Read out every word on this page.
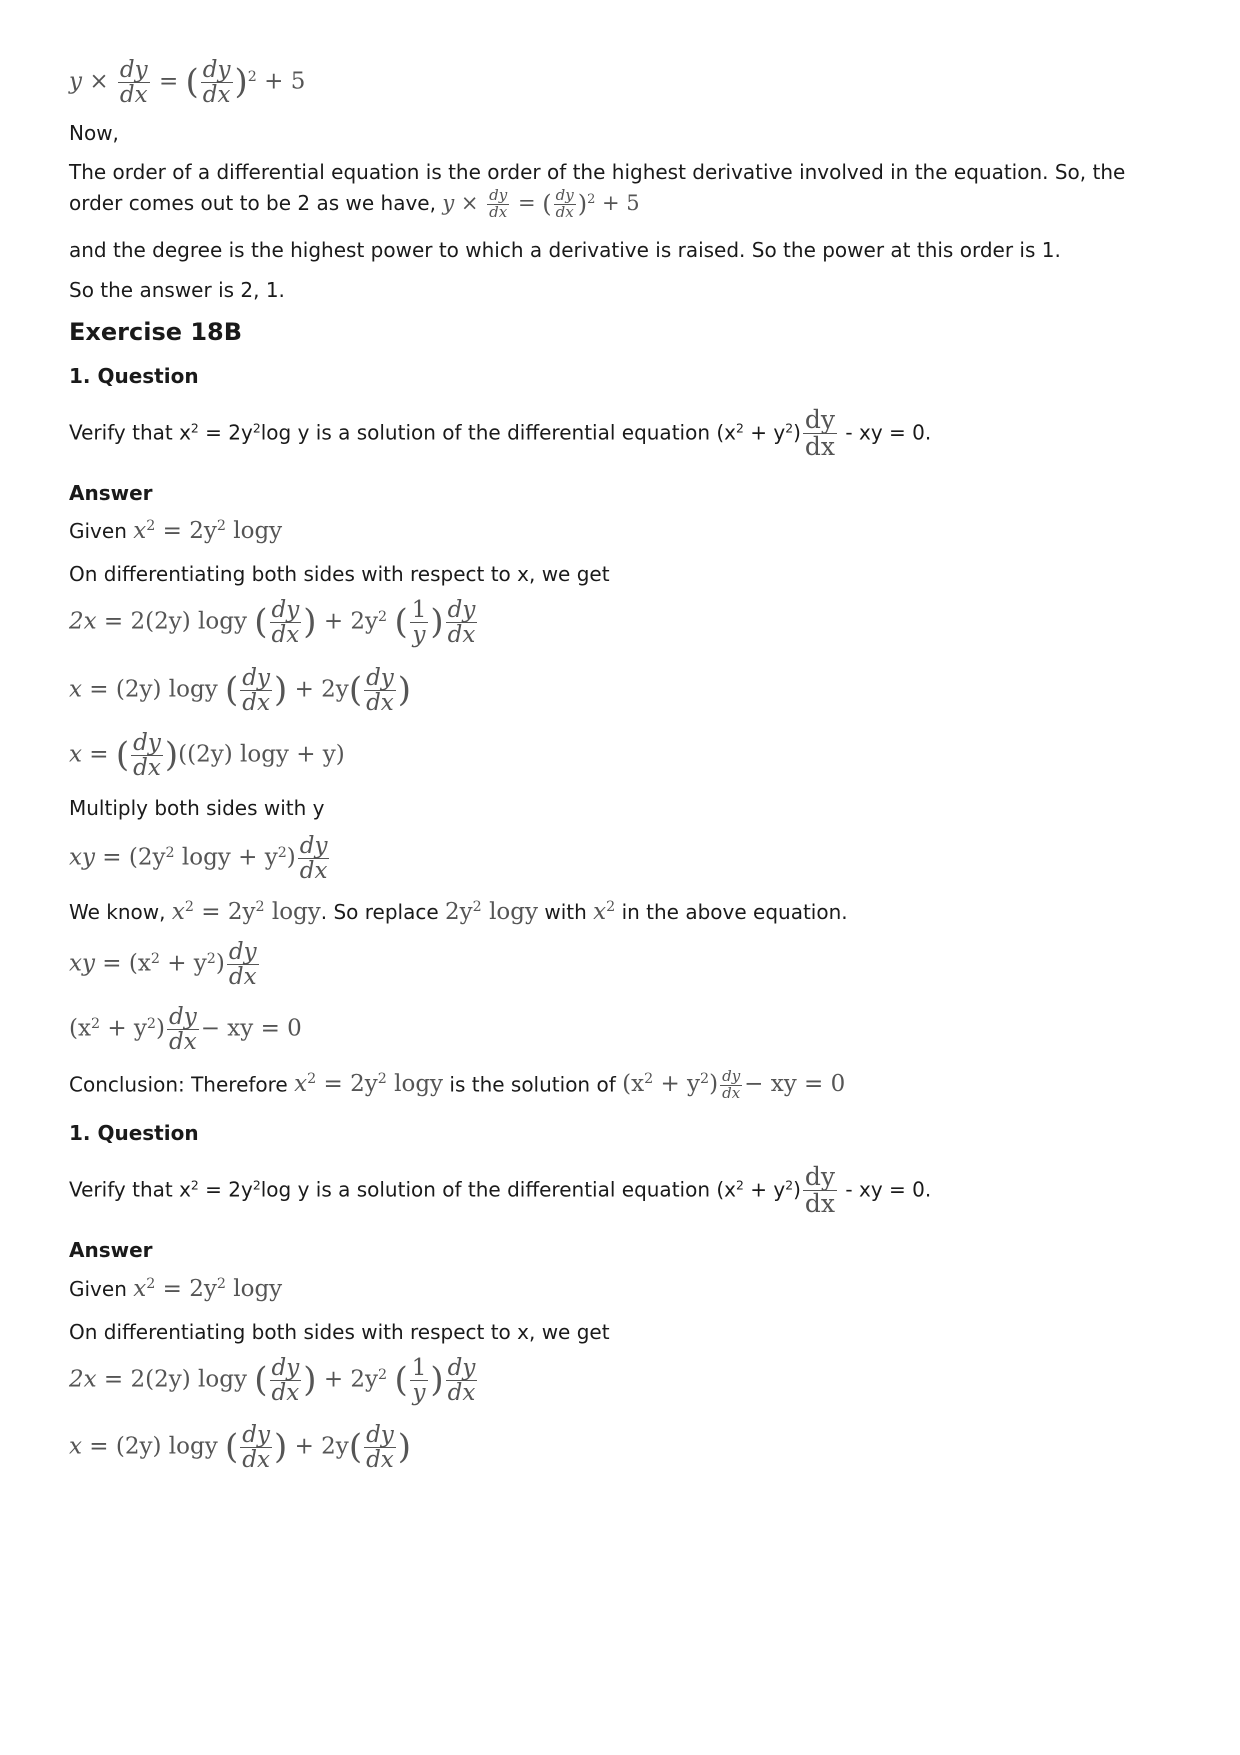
$y \times \frac{dy}{dx}$ = ( $\frac{dy}{dx} )^2 + 5$
Now,
The order of a differential equation is the order of the highest derivative involved in the equation. So, the
order comes out to be 2 as we have, $y \times \frac{dy}{dx}$ = ( $\frac{dy}{dx} )^2 + 5$
and the degree is the highest power to which a derivative is raised. So the power at this order is 1.
So the answer is 2, 1.
Exercise 18B
1. Question
Verify that $x^2 = 2y^2\log$ y is a solution of the differential equation $(x^2 + y^2) \frac{dy}{dx}$ - xy = 0.
Answer
Given $x^2 = 2y^2$ logy
On differentiating both sides with respect to x, we get
2x = 2(2y) logy ( $\frac{dy}{dx}$ ) + $2y^2$ ( $\frac{1}{y}$ ) $\frac{dy}{dx}$
x = (2y) logy ( $\frac{dy}{dx}$ ) + $2y( \frac{dy}{dx}$ )
x = ( $\frac{dy}{dx} )((2y) \log y + y)$
Multiply both sides with y
xy = ($2y^2$ $\log y + y^2) \frac{dy}{dx}$
We know, $x^2 = 2y^2$ logy. So replace $2y^2$ logy with $x^2$ in the above equation.
xy = $(x^2 + y^2) \frac{dy}{dx}$
$(x^2 + y^2) \frac{dy}{dx}$ − xy = 0
Conclusion: Therefore $x^2 = 2y^2$ logy is the solution of $(x^2 + y^2) \frac{dy}{dx}$ − xy = 0
1. Question
Verify that $x^2 = 2y^2\log$ y is a solution of the differential equation $(x^2 + y^2) \frac{dy}{dx}$ - xy = 0.
Answer
Given $x^2 = 2y^2$ logy
On differentiating both sides with respect to x, we get
2x = 2(2y) logy ( $\frac{dy}{dx}$ ) + $2y^2$ ( $\frac{1}{y}$ ) $\frac{dy}{dx}$
x = (2y) logy ( $\frac{dy}{dx}$ ) + $2y( \frac{dy}{dx}$ )
